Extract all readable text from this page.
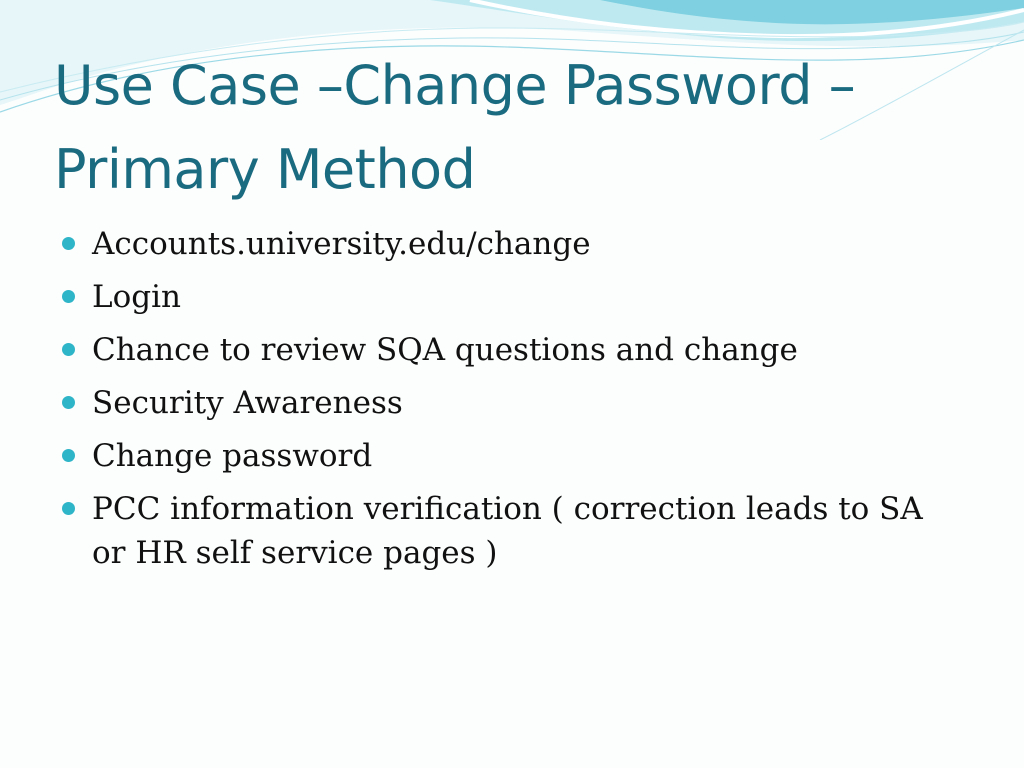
Use Case –Change Password –
Primary Method
Accounts.university.edu/change
Login
Chance to review SQA questions and change
Security Awareness
Change password
PCC information verification ( correction leads to SA or HR self service pages )
